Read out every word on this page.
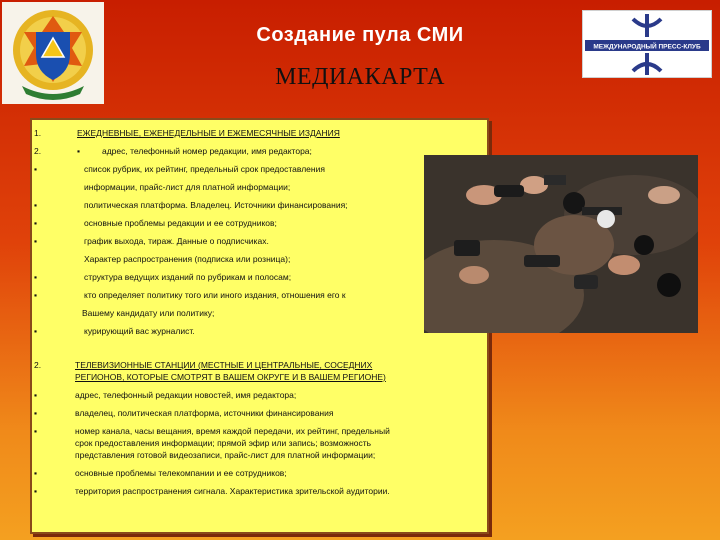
МЕЖДУНАРОДНЫЙ ПРЕСС-КЛУБ
Создание пула СМИ
МЕДИАКАРТА
1.	ЕЖЕДНЕВНЫЕ, ЕЖЕНЕДЕЛЬНЫЕ И ЕЖЕМЕСЯЧНЫЕ ИЗДАНИЯ
2.	▪	адрес, телефонный номер редакции, имя редактора;
▪	список рубрик, их рейтинг, предельный срок предоставления
информации, прайс-лист для платной информации;
▪	политическая платформа. Владелец. Источники финансирования;
▪	основные проблемы редакции и ее сотрудников;
▪	график выхода, тираж. Данные о подписчиках.
Характер распространения (подписка или розница);
▪	структура ведущих изданий по рубрикам и полосам;
▪	кто определяет политику того или иного издания, отношения его к
Вашему кандидату или политику;
▪	курирующий вас журналист.
2.	ТЕЛЕВИЗИОННЫЕ СТАНЦИИ (МЕСТНЫЕ И ЦЕНТРАЛЬНЫЕ, СОСЕДНИХ
РЕГИОНОВ, КОТОРЫЕ СМОТРЯТ В ВАШЕМ ОКРУГЕ И В ВАШЕМ РЕГИОНЕ)
▪	адрес, телефонный редакции новостей, имя редактора;
▪	владелец, политическая платформа, источники финансирования
▪	номер канала, часы вещания, время каждой передачи, их рейтинг, предельный
срок предоставления информации; прямой эфир или запись; возможность
представления готовой видеозаписи, прайс-лист для платной информации;
▪	основные проблемы телекомпании и ее сотрудников;
▪	территория распространения сигнала. Характеристика зрительской аудитории.
